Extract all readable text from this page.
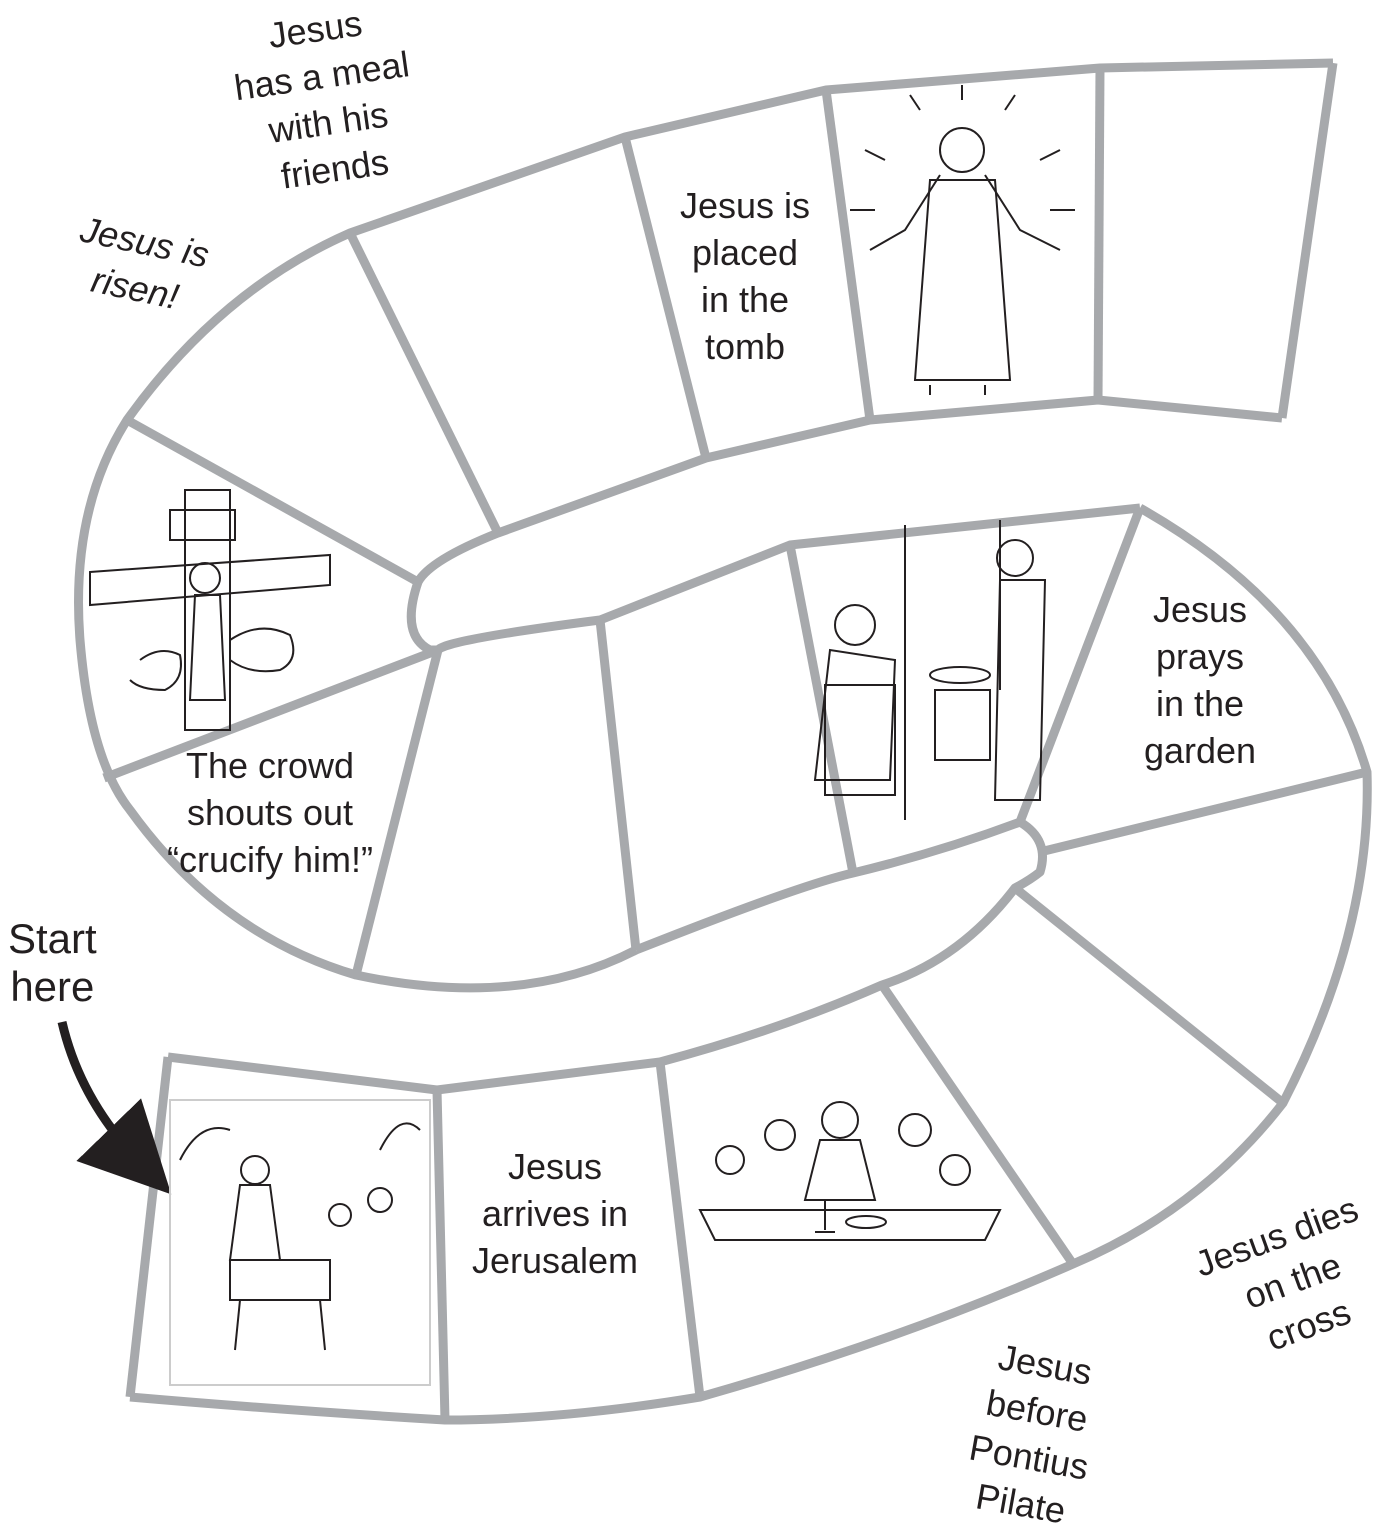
Jesus
has a meal
with his
friends
Jesus is
risen!
Jesus dies
on the
cross
Jesus
before
Pontius
Pilate
Jesus is
placed
in the
tomb
Jesus
prays
in the
garden
The crowd
shouts out
“crucify him!”
Jesus
arrives in
Jerusalem
Start
here
